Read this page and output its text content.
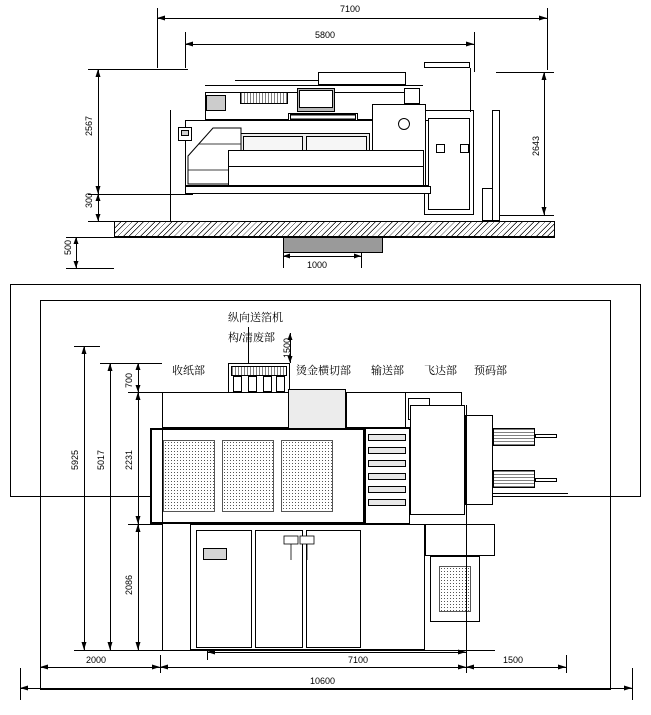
7100
5800
2567
300
500
2643
1000
纵向送箔机
构/清废部
收纸部	烫金横切部 输送部 飞达部 预码部
1500
700
2231
5017
5925
2086
7100
2000	1500
10600
